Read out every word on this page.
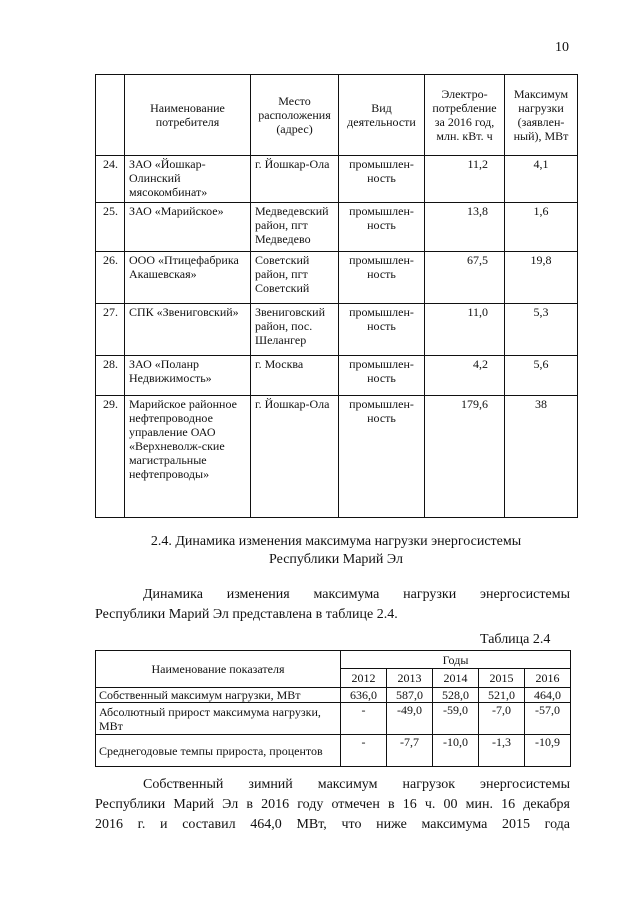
10
	Наименование потребителя	Место расположения (адрес)	Вид деятельности	Электро-потребление за 2016 год, млн. кВт. ч	Максимум нагрузки (заявлен-ный), МВт
24.	ЗАО «Йошкар-Олинский мясокомбинат»	г. Йошкар-Ола	промышлен-ность	11,2	4,1
25.	ЗАО «Марийское»	Медведевский район, пгт Медведево	промышлен-ность	13,8	1,6
26.	ООО «Птицефабрика Акашевская»	Советский район, пгт Советский	промышлен-ность	67,5	19,8
27.	СПК «Звениговский»	Звениговский район, пос. Шелангер	промышлен-ность	11,0	5,3
28.	ЗАО «Поланр Недвижимость»	г. Москва	промышлен-ность	4,2	5,6
29.	Марийское районное нефтепроводное управление ОАО «Верхневолж-ские магистральные нефтепроводы»	г. Йошкар-Ола	промышлен-ность	179,6	38
2.4. Динамика изменения максимума нагрузки энергосистемы
Республики Марий Эл
Динамика изменения максимума нагрузки энергосистемы
Республики Марий Эл представлена в таблице 2.4.
Таблица 2.4
Наименование показателя	Годы				
	2012	2013	2014	2015	2016
Собственный максимум нагрузки, МВт	636,0	587,0	528,0	521,0	464,0
Абсолютный прирост максимума нагрузки, МВт	-	-49,0	-59,0	-7,0	-57,0
Среднегодовые темпы прироста, процентов	-	-7,7	-10,0	-1,3	-10,9
Собственный зимний максимум нагрузок энергосистемы
Республики Марий Эл в 2016 году отмечен в 16 ч. 00 мин. 16 декабря
2016 г. и составил 464,0 МВт, что ниже максимума 2015 года
